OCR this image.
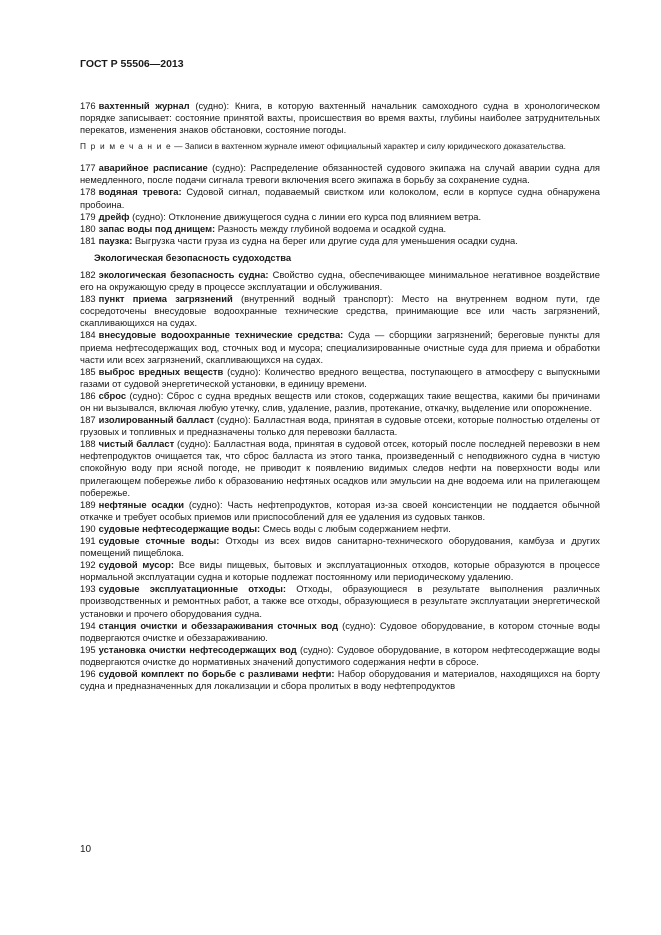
ГОСТ Р 55506—2013

176 вахтенный журнал (судно): Книга, в которую вахтенный начальник самоходного судна в хронологическом порядке записывает: состояние принятой вахты, происшествия во время вахты, глубины наиболее затруднительных перекатов, изменения знаков обстановки, состояние погоды.

П р и м е ч а н и е — Записи в вахтенном журнале имеют официальный характер и силу юридического доказательства.

177 аварийное расписание (судно): Распределение обязанностей судового экипажа на случай аварии судна для немедленного, после подачи сигнала тревоги включения всего экипажа в борьбу за сохранение судна.

178 водяная тревога: Судовой сигнал, подаваемый свистком или колоколом, если в корпусе судна обнаружена пробоина.

179 дрейф (судно): Отклонение движущегося судна с линии его курса под влиянием ветра.

180 запас воды под днищем: Разность между глубиной водоема и осадкой судна.

181 паузка: Выгрузка части груза из судна на берег или другие суда для уменьшения осадки судна.

Экологическая безопасность судоходства

182 экологическая безопасность судна: Свойство судна, обеспечивающее минимальное негативное воздействие его на окружающую среду в процессе эксплуатации и обслуживания.

183 пункт приема загрязнений (внутренний водный транспорт): Место на внутреннем водном пути, где сосредоточены внесудовые водоохранные технические средства, принимающие все или часть загрязнений, скапливающихся на судах.

184 внесудовые водоохранные технические средства: Суда — сборщики загрязнений; береговые пункты для приема нефтесодержащих вод, сточных вод и мусора; специализированные очистные суда для приема и обработки части или всех загрязнений, скапливающихся на судах.

185 выброс вредных веществ (судно): Количество вредного вещества, поступающего в атмосферу с выпускными газами от судовой энергетической установки, в единицу времени.

186 сброс (судно): Сброс с судна вредных веществ или стоков, содержащих такие вещества, какими бы причинами он ни вызывался, включая любую утечку, слив, удаление, разлив, протекание, откачку, выделение или опорожнение.

187 изолированный балласт (судно): Балластная вода, принятая в судовые отсеки, которые полностью отделены от грузовых и топливных и предназначены только для перевозки балласта.

188 чистый балласт (судно): Балластная вода, принятая в судовой отсек, который после последней перевозки в нем нефтепродуктов очищается так, что сброс балласта из этого танка, произведенный с неподвижного судна в чистую спокойную воду при ясной погоде, не приводит к появлению видимых следов нефти на поверхности воды или прилегающем побережье либо к образованию нефтяных осадков или эмульсии на дне водоема или на прилегающем побережье.

189 нефтяные осадки (судно): Часть нефтепродуктов, которая из-за своей консистенции не поддается обычной откачке и требует особых приемов или приспособлений для ее удаления из судовых танков.

190 судовые нефтесодержащие воды: Смесь воды с любым содержанием нефти.

191 судовые сточные воды: Отходы из всех видов санитарно-технического оборудования, камбуза и других помещений пищеблока.

192 судовой мусор: Все виды пищевых, бытовых и эксплуатационных отходов, которые образуются в процессе нормальной эксплуатации судна и которые подлежат постоянному или периодическому удалению.

193 судовые эксплуатационные отходы: Отходы, образующиеся в результате выполнения различных производственных и ремонтных работ, а также все отходы, образующиеся в результате эксплуатации энергетической установки и прочего оборудования судна.

194 станция очистки и обеззараживания сточных вод (судно): Судовое оборудование, в котором сточные воды подвергаются очистке и обеззараживанию.

195 установка очистки нефтесодержащих вод (судно): Судовое оборудование, в котором нефтесодержащие воды подвергаются очистке до нормативных значений допустимого содержания нефти в сбросе.

196 судовой комплект по борьбе с разливами нефти: Набор оборудования и материалов, находящихся на борту судна и предназначенных для локализации и сбора пролитых в воду нефтепродуктов

10
